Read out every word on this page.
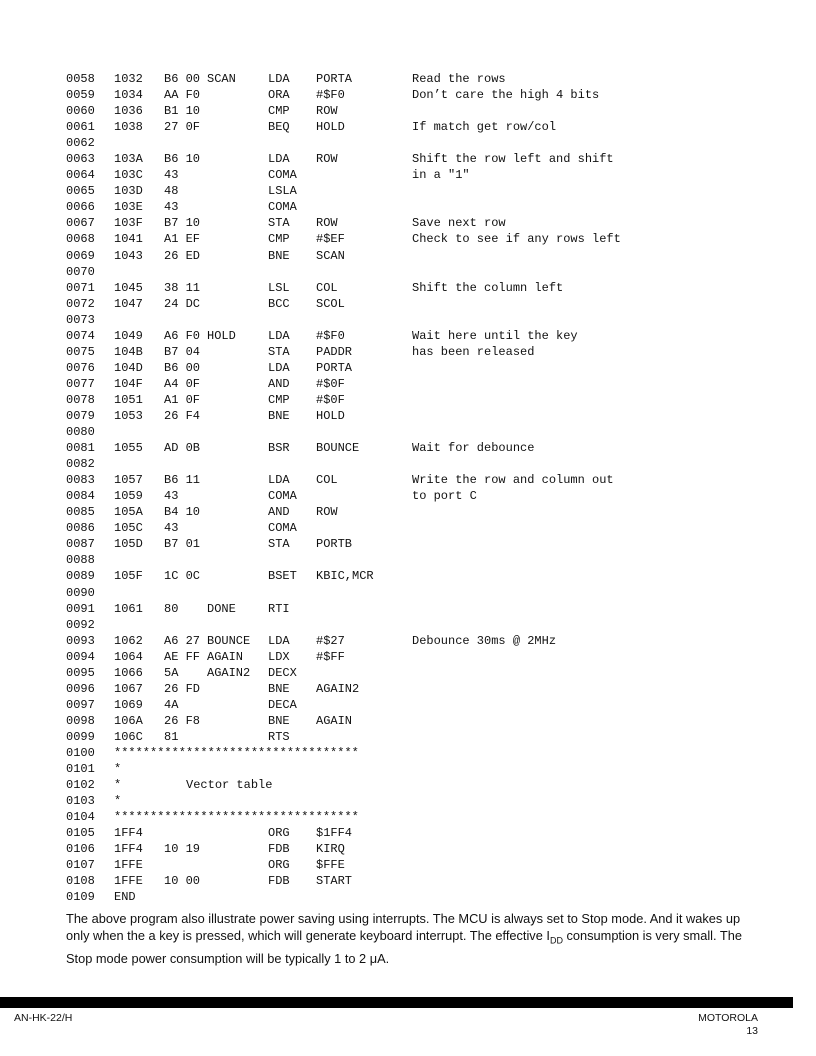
0058 1032 B6 00 SCAN	LDA PORTA	Read the rows
0059 1034 AA F0	ORA #$F0	Don’t care the high 4 bits
0060 1036 B1 10	CMP ROW
0061 1038 27 0F	BEQ HOLD	If match get row/col
0062
0063 103A B6 10	LDA ROW	Shift the row left and shift
0064 103C 43	COMA	in a "1"
0065 103D 48	LSLA
0066 103E 43	COMA
0067 103F B7 10	STA ROW	Save next row
0068 1041 A1 EF	CMP #$EF	Check to see if any rows left
0069 1043 26 ED	BNE SCAN
0070
0071 1045 38 11	LSL COL	Shift the column left
0072 1047 24 DC	BCC SCOL
0073
0074 1049 A6 F0 HOLD	LDA #$F0	Wait here until the key
0075 104B B7 04	STA PADDR	has been released
0076 104D B6 00	LDA PORTA
0077 104F A4 0F	AND #$0F
0078 1051 A1 0F	CMP #$0F
0079 1053 26 F4	BNE HOLD
0080
0081 1055 AD 0B	BSR BOUNCE	Wait for debounce
0082
0083 1057 B6 11	LDA COL	Write the row and column out
0084 1059 43	COMA	to port C
0085 105A B4 10	AND ROW
0086 105C 43	COMA
0087 105D B7 01	STA PORTB
0088
0089 105F 1C 0C	BSET KBIC,MCR
0090
0091 1061 80 DONE	RTI
0092
0093 1062 A6 27 BOUNCE LDA #$27	Debounce 30ms @ 2MHz
0094 1064 AE FF AGAIN LDX #$FF
0095 1066 5A AGAIN2 DECX
0096 1067 26 FD	BNE AGAIN2
0097 1069 4A	DECA
0098 106A 26 F8	BNE AGAIN
0099 106C 81	RTS
0100 **********************************
0101 *
0102 *         Vector table
0103 *
0104 **********************************
0105 1FF4	ORG $1FF4
0106 1FF4 10 19	FDB KIRQ
0107 1FFE	ORG $FFE
0108 1FFE 10 00	FDB START
0109 END

The above program also illustrate power saving using interrupts. The MCU is always set to Stop mode. And it wakes up only when the a key is pressed, which will generate keyboard interrupt. The effective $I_{DD}$ consumption is very small. The Stop mode power consumption will be typically 1 to 2 μA.

AN-HK-22/H	MOTOROLA
13
